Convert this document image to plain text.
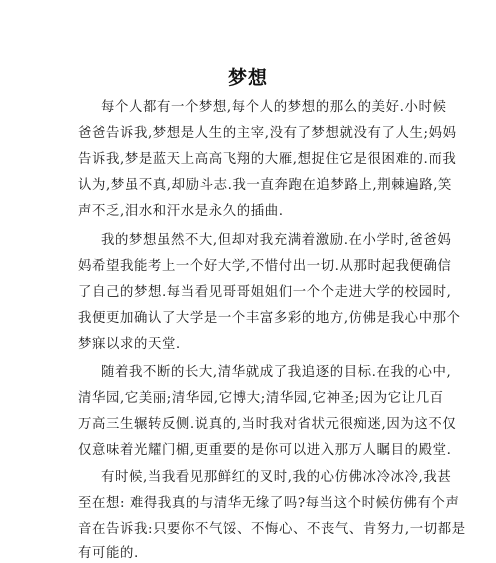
梦想
每个人都有一个梦想,每个人的梦想的那么的美好.小时候
爸爸告诉我,梦想是人生的主宰,没有了梦想就没有了人生;妈妈
告诉我,梦是蓝天上高高飞翔的大雁,想捉住它是很困难的.而我
认为,梦虽不真,却励斗志.我一直奔跑在追梦路上,荆棘遍路,笑
声不乏,泪水和汗水是永久的插曲.
我的梦想虽然不大,但却对我充满着激励.在小学时,爸爸妈
妈希望我能考上一个好大学,不惜付出一切.从那时起我便确信
了自己的梦想.每当看见哥哥姐姐们一个个走进大学的校园时,
我便更加确认了大学是一个丰富多彩的地方,仿佛是我心中那个
梦寐以求的天堂.
随着我不断的长大,清华就成了我追逐的目标.在我的心中,
清华园,它美丽;清华园,它博大;清华园,它神圣;因为它让几百
万高三生辗转反侧.说真的,当时我对省状元很痴迷,因为这不仅
仅意味着光耀门楣,更重要的是你可以进入那万人瞩目的殿堂.
有时候,当我看见那鲜红的叉时,我的心仿佛冰冷冰冷,我甚
至在想: 难得我真的与清华无缘了吗?每当这个时候仿佛有个声
音在告诉我:只要你不气馁、不悔心、不丧气、肯努力,一切都是
有可能的.
